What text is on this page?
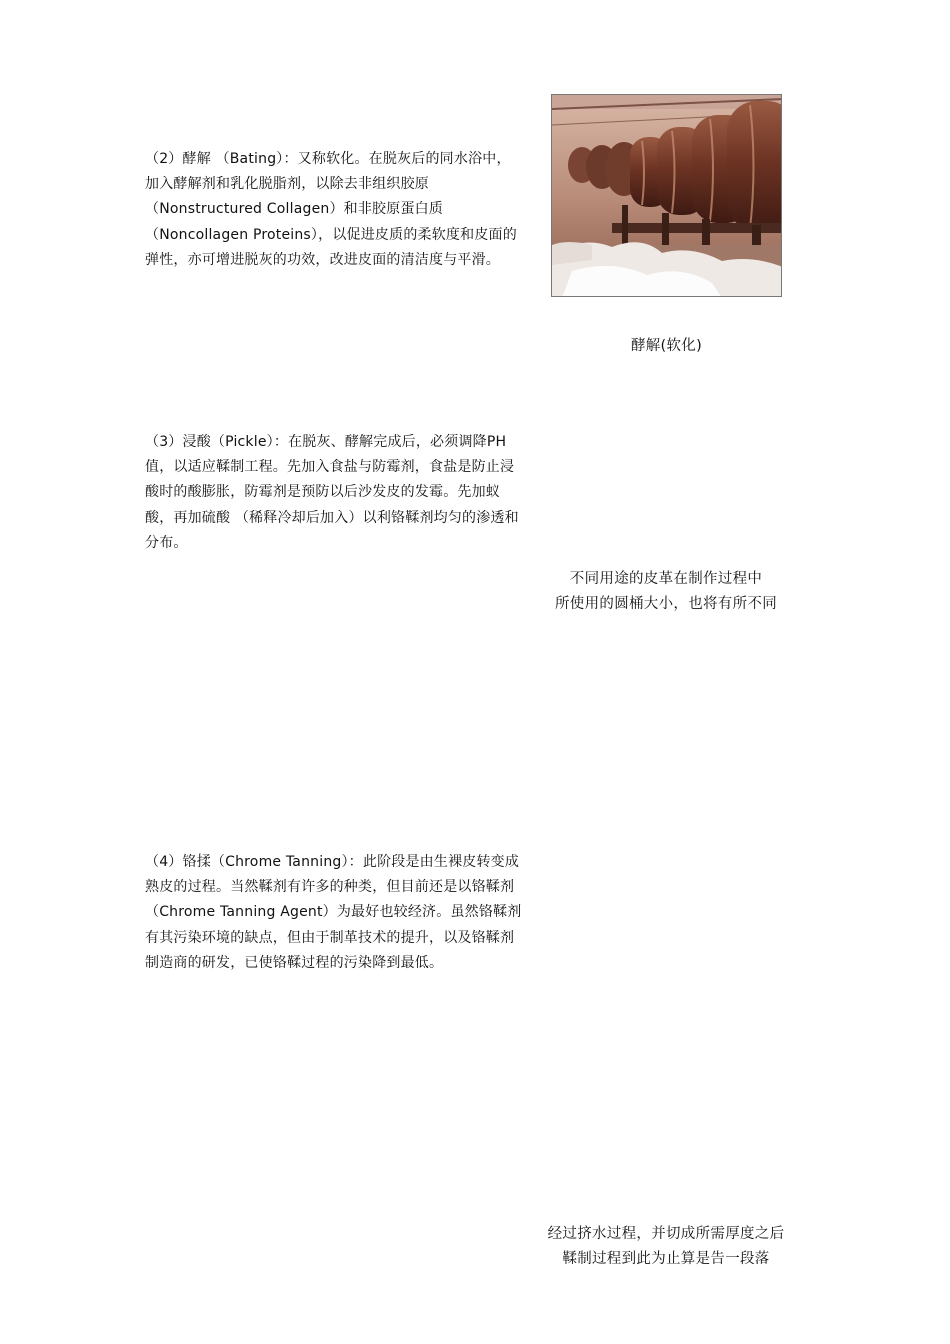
（2）酵解 （Bating）：又称软化。在脱灰后的同水浴中，加入酵解剂和乳化脱脂剂，以除去非组织胶原（Nonstructured Collagen）和非胶原蛋白质（Noncollagen Proteins），以促进皮质的柔软度和皮面的弹性，亦可增进脱灰的功效，改进皮面的清洁度与平滑。

酵解(软化)

（3）浸酸（Pickle）：在脱灰、酵解完成后，必须调降PH值，以适应鞣制工程。先加入食盐与防霉剂，食盐是防止浸酸时的酸膨胀，防霉剂是预防以后沙发皮的发霉。先加蚁酸，再加硫酸 （稀释冷却后加入）以利铬鞣剂均匀的渗透和分布。

不同用途的皮革在制作过程中

所使用的圆桶大小，也将有所不同

（4）铬揉（Chrome Tanning）：此阶段是由生裸皮转变成熟皮的过程。当然鞣剂有许多的种类，但目前还是以铬鞣剂 （Chrome Tanning Agent）为最好也较经济。虽然铬鞣剂有其污染环境的缺点，但由于制革技术的提升，以及铬鞣剂制造商的研发，已使铬鞣过程的污染降到最低。

经过挤水过程，并切成所需厚度之后

鞣制过程到此为止算是告一段落
